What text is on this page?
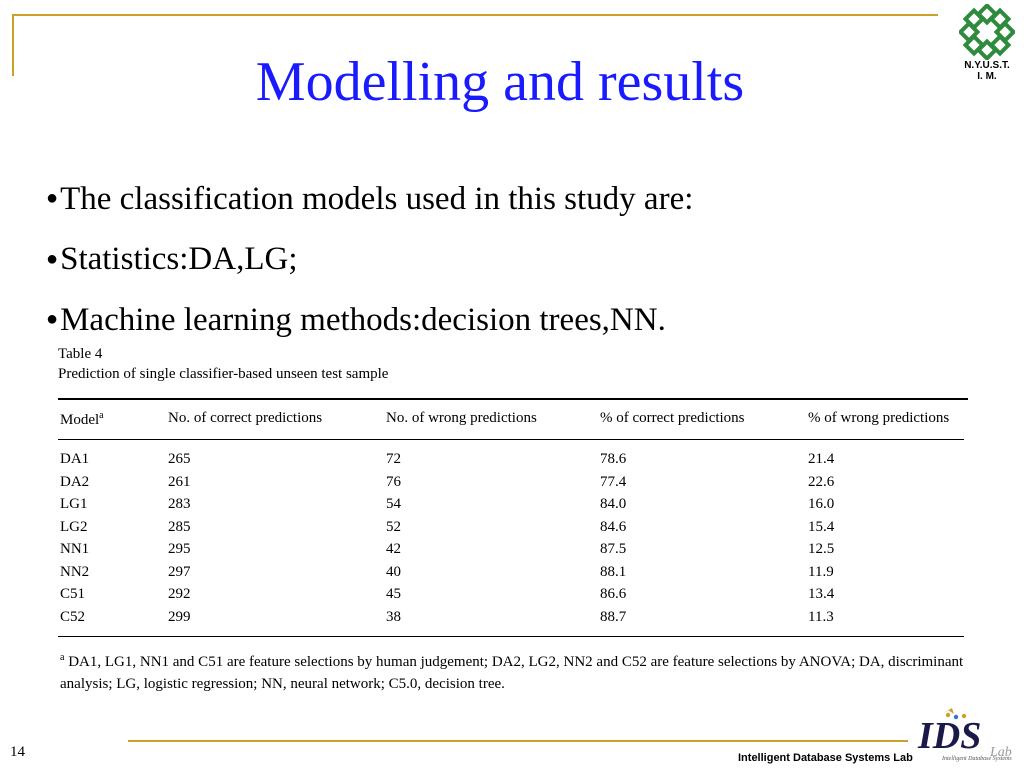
Modelling and results	N.Y.U.S.T.
I. M.
●The classification models used in this study are:
●Statistics:DA,LG;
●Machine learning methods:decision trees,NN.
Table 4
Prediction of single classifier-based unseen test sample
Model$^a$	No. of correct predictions	No. of wrong predictions	% of correct predictions	% of wrong predictions
DA1	265	72	78.6	21.4
DA2	261	76	77.4	22.6
LG1	283	54	84.0	16.0
LG2	285	52	84.6	15.4
NN1	295	42	87.5	12.5
NN2	297	40	88.1	11.9
C51	292	45	86.6	13.4
C52	299	38	88.7	11.3
$^a$ DA1, LG1, NN1 and C51 are feature selections by human judgement; DA2, LG2, NN2 and C52 are feature selections by ANOVA; DA, discriminant analysis; LG, logistic regression; NN, neural network; C5.0, decision tree.
14	Intelligent Database Systems Lab
IDS Lab
Intelligent Database Systems
